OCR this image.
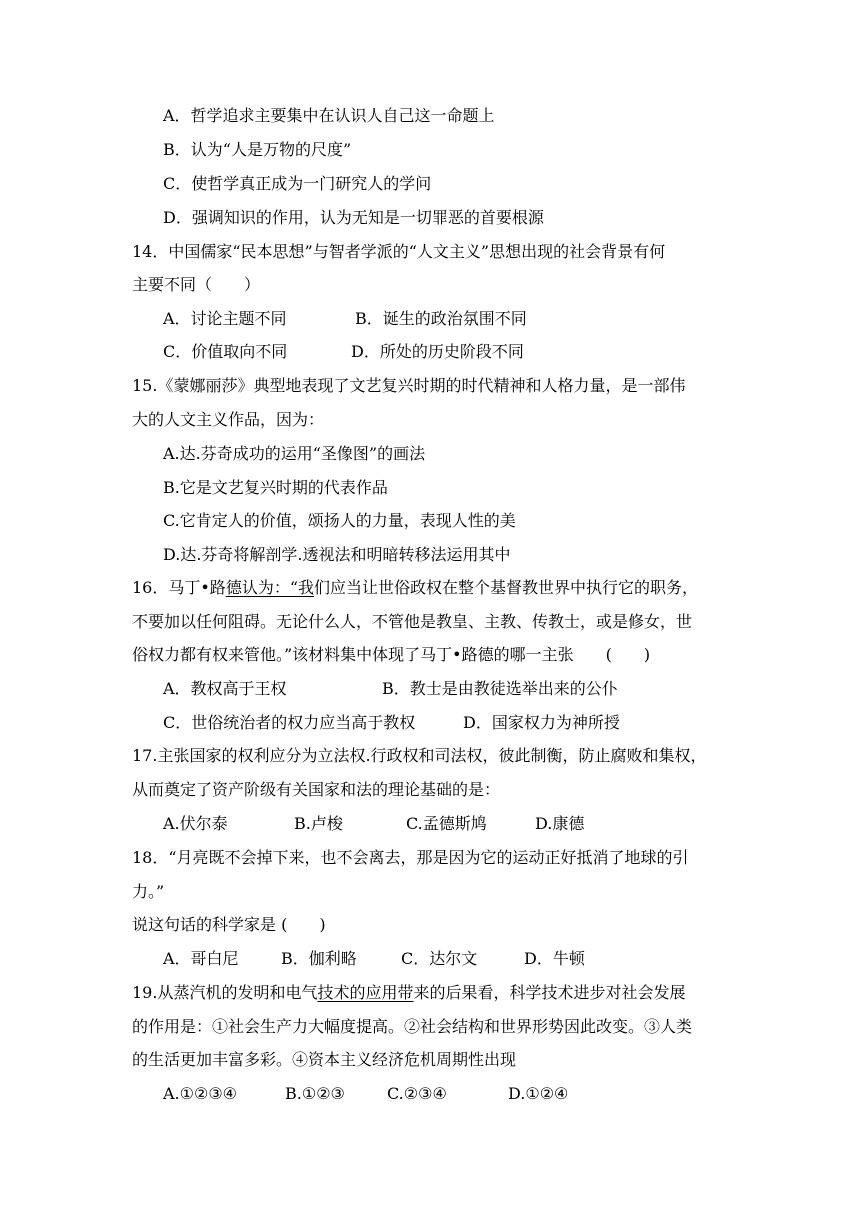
A．哲学追求主要集中在认识人自己这一命题上
B．认为“人是万物的尺度”
C．使哲学真正成为一门研究人的学问
D．强调知识的作用，认为无知是一切罪恶的首要根源
14．中国儒家“民本思想”与智者学派的“人文主义”思想出现的社会背景有何
主要不同（　　）
A．讨论主题不同	B．诞生的政治氛围不同
C．价值取向不同	D．所处的历史阶段不同
15.《蒙娜丽莎》典型地表现了文艺复兴时期的时代精神和人格力量，是一部伟
大的人文主义作品，因为：
A.达.芬奇成功的运用“圣像图”的画法
B.它是文艺复兴时期的代表作品
C.它肯定人的价值，颂扬人的力量，表现人性的美
D.达.芬奇将解剖学.透视法和明暗转移法运用其中
16．马丁•路德认为：“我们应当让世俗政权在整个基督教世界中执行它的职务，
不要加以任何阻碍。无论什么人，不管他是教皇、主教、传教士，或是修女，世
俗权力都有权来管他。”该材料集中体现了马丁•路德的哪一主张　　(　　)
A．教权高于王权	B．教士是由教徒选举出来的公仆
C．世俗统治者的权力应当高于教权	D．国家权力为神所授
17.主张国家的权利应分为立法权.行政权和司法权，彼此制衡，防止腐败和集权，
从而奠定了资产阶级有关国家和法的理论基础的是：
A.伏尔泰	B.卢梭	C.孟德斯鸠	D.康德
18．“月亮既不会掉下来，也不会离去，那是因为它的运动正好抵消了地球的引
力。”
说这句话的科学家是 (　　)
A．哥白尼	B．伽利略	C．达尔文	D．牛顿
19.从蒸汽机的发明和电气技术的应用带来的后果看，科学技术进步对社会发展
的作用是：①社会生产力大幅度提高。②社会结构和世界形势因此改变。③人类
的生活更加丰富多彩。④资本主义经济危机周期性出现
A.①②③④	B.①②③	C.②③④	D.①②④
